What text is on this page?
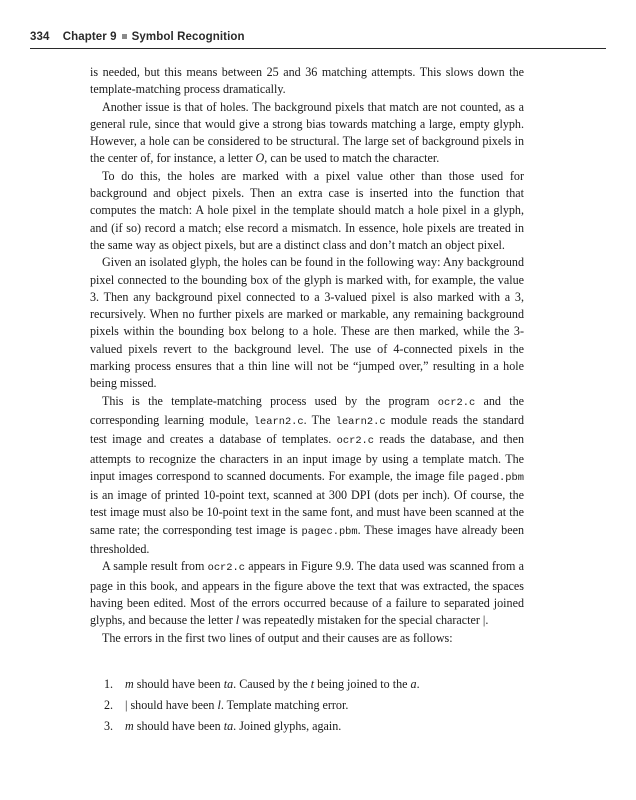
334 Chapter 9 Symbol Recognition

is needed, but this means between 25 and 36 matching attempts. This slows down the template-matching process dramatically.

Another issue is that of holes. The background pixels that match are not counted, as a general rule, since that would give a strong bias towards matching a large, empty glyph. However, a hole can be considered to be structural. The large set of background pixels in the center of, for instance, a letter O, can be used to match the character.

To do this, the holes are marked with a pixel value other than those used for background and object pixels. Then an extra case is inserted into the function that computes the match: A hole pixel in the template should match a hole pixel in a glyph, and (if so) record a match; else record a mismatch. In essence, hole pixels are treated in the same way as object pixels, but are a distinct class and don’t match an object pixel.

Given an isolated glyph, the holes can be found in the following way: Any background pixel connected to the bounding box of the glyph is marked with, for example, the value 3. Then any background pixel connected to a 3-valued pixel is also marked with a 3, recursively. When no further pixels are marked or markable, any remaining background pixels within the bounding box belong to a hole. These are then marked, while the 3-valued pixels revert to the background level. The use of 4-connected pixels in the marking process ensures that a thin line will not be “jumped over,” resulting in a hole being missed.

This is the template-matching process used by the program ocr2.c and the corresponding learning module, learn2.c. The learn2.c module reads the standard test image and creates a database of templates. ocr2.c reads the database, and then attempts to recognize the characters in an input image by using a template match. The input images correspond to scanned documents. For example, the image file paged.pbm is an image of printed 10-point text, scanned at 300 DPI (dots per inch). Of course, the test image must also be 10-point text in the same font, and must have been scanned at the same rate; the corresponding test image is pagec.pbm. These images have already been thresholded.

A sample result from ocr2.c appears in Figure 9.9. The data used was scanned from a page in this book, and appears in the figure above the text that was extracted, the spaces having been edited. Most of the errors occurred because of a failure to separated joined glyphs, and because the letter l was repeatedly mistaken for the special character |.

The errors in the first two lines of output and their causes are as follows:

1. m should have been ta. Caused by the t being joined to the a.
2. | should have been l. Template matching error.
3. m should have been ta. Joined glyphs, again.
